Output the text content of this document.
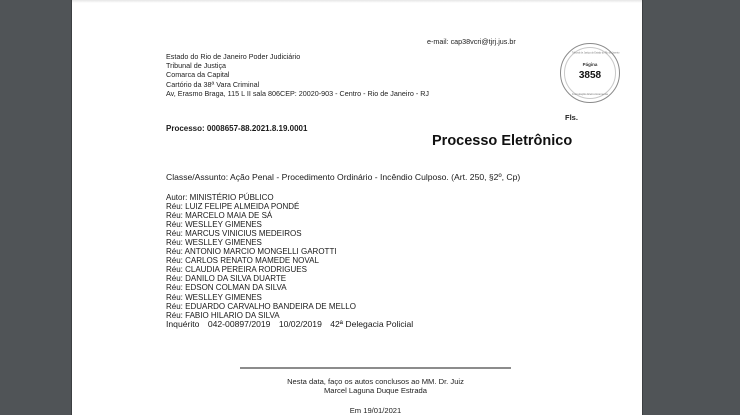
Estado do Rio de Janeiro Poder Judiciário
Tribunal de Justiça
Comarca da Capital
Cartório da 38ª Vara Criminal
Av, Erasmo Braga, 115 L II sala 806CEP: 20020-903 - Centro - Rio de Janeiro - RJ
e-mail: cap38vcri@tjrj.jus.br
Tribunal de Justiça do Estado do Rio de Janeiro
Página
3858
Cumulação Eletronicamente
Fls.
Processo: 0008657-88.2021.8.19.0001
Processo Eletrônico
Classe/Assunto: Ação Penal - Procedimento Ordinário - Incêndio Culposo. (Art. 250, §2º, Cp)
Autor: MINISTÉRIO PÚBLICO
Réu: LUIZ FELIPE ALMEIDA PONDÉ
Réu: MARCELO MAIA DE SÁ
Réu: WESLLEY GIMENES
Réu: MARCUS VINICIUS MEDEIROS
Réu: WESLLEY GIMENES
Réu: ANTONIO MARCIO MONGELLI GAROTTI
Réu: CARLOS RENATO MAMEDE NOVAL
Réu: CLAUDIA PEREIRA RODRIGUES
Réu: DANILO DA SILVA DUARTE
Réu: EDSON COLMAN DA SILVA
Réu: WESLLEY GIMENES
Réu: EDUARDO CARVALHO BANDEIRA DE MELLO
Réu: FABIO HILARIO DA SILVA
Inquérito 042-00897/2019 10/02/2019 42ª Delegacia Policial
Nesta data, faço os autos conclusos ao MM. Dr. Juiz
Marcel Laguna Duque Estrada
Em 19/01/2021
